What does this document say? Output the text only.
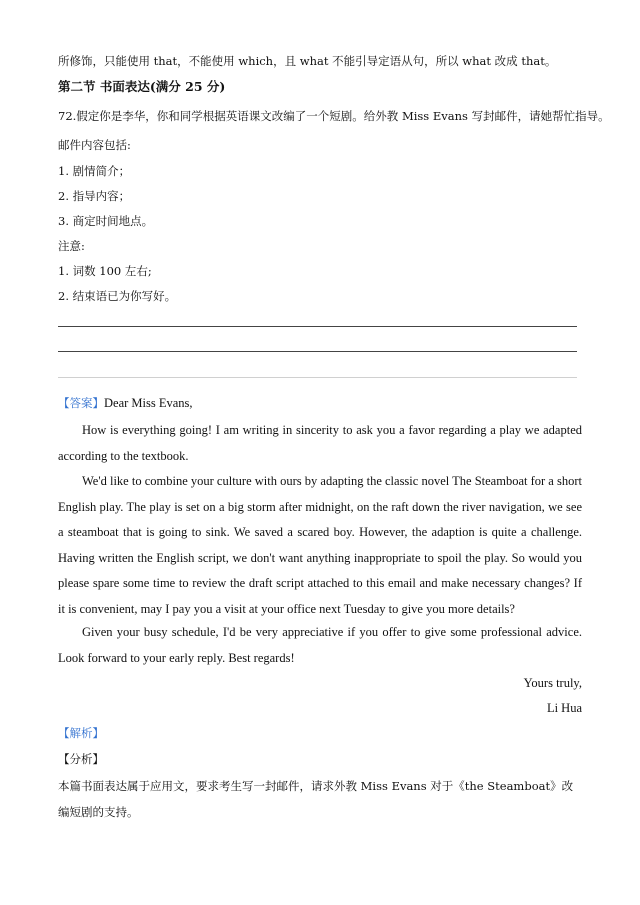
所修饰，只能使用 that，不能使用 which，且 what 不能引导定语从句，所以 what 改成 that。
第二节 书面表达(满分 25 分)
72.假定你是李华，你和同学根据英语课文改编了一个短剧。给外教 Miss Evans 写封邮件，请她帮忙指导。
邮件内容包括:
1. 剧情简介；
2. 指导内容；
3. 商定时间地点。
注意:
1. 词数 100 左右;
2. 结束语已为你写好。
【答案】Dear Miss Evans,

How is everything going! I am writing in sincerity to ask you a favor regarding a play we adapted according to the textbook.

We'd like to combine your culture with ours by adapting the classic novel The Steamboat for a short English play. The play is set on a big storm after midnight, on the raft down the river navigation, we see a steamboat that is going to sink. We saved a scared boy. However, the adaption is quite a challenge. Having written the English script, we don't want anything inappropriate to spoil the play. So would you please spare some time to review the draft script attached to this email and make necessary changes? If it is convenient, may I pay you a visit at your office next Tuesday to give you more details?

Given your busy schedule, I'd be very appreciative if you offer to give some professional advice. Look forward to your early reply. Best regards!

Yours truly,
Li Hua
【解析】
【分析】

本篇书面表达属于应用文，要求考生写一封邮件，请求外教 Miss Evans 对于《the Steamboat》改编短剧的支持。
